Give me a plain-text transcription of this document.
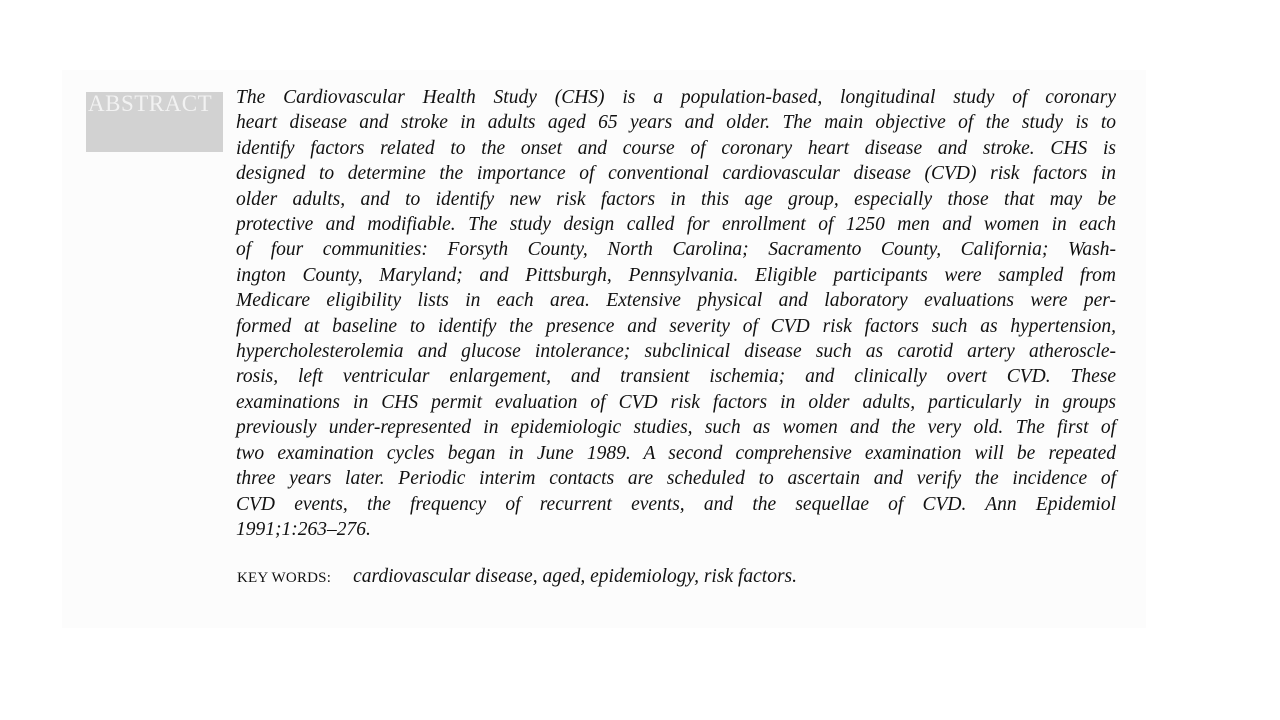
ABSTRACT The Cardiovascular Health Study (CHS) is a population-based, longitudinal study of coronary
heart disease and stroke in adults aged 65 years and older. The main objective of the study is to
identify factors related to the onset and course of coronary heart disease and stroke. CHS is
designed to determine the importance of conventional cardiovascular disease (CVD) risk factors in
older adults, and to identify new risk factors in this age group, especially those that may be
protective and modifiable. The study design called for enrollment of 1250 men and women in each
of four communities: Forsyth County, North Carolina; Sacramento County, California; Wash-
ington County, Maryland; and Pittsburgh, Pennsylvania. Eligible participants were sampled from
Medicare eligibility lists in each area. Extensive physical and laboratory evaluations were per-
formed at baseline to identify the presence and severity of CVD risk factors such as hypertension,
hypercholesterolemia and glucose intolerance; subclinical disease such as carotid artery atheroscle-
rosis, left ventricular enlargement, and transient ischemia; and clinically overt CVD. These
examinations in CHS permit evaluation of CVD risk factors in older adults, particularly in groups
previously under-represented in epidemiologic studies, such as women and the very old. The first of
two examination cycles began in June 1989. A second comprehensive examination will be repeated
three years later. Periodic interim contacts are scheduled to ascertain and verify the incidence of
CVD events, the frequency of recurrent events, and the sequellae of CVD. Ann Epidemiol
1991;1:263–276.
KEY WORDS: cardiovascular disease, aged, epidemiology, risk factors.
